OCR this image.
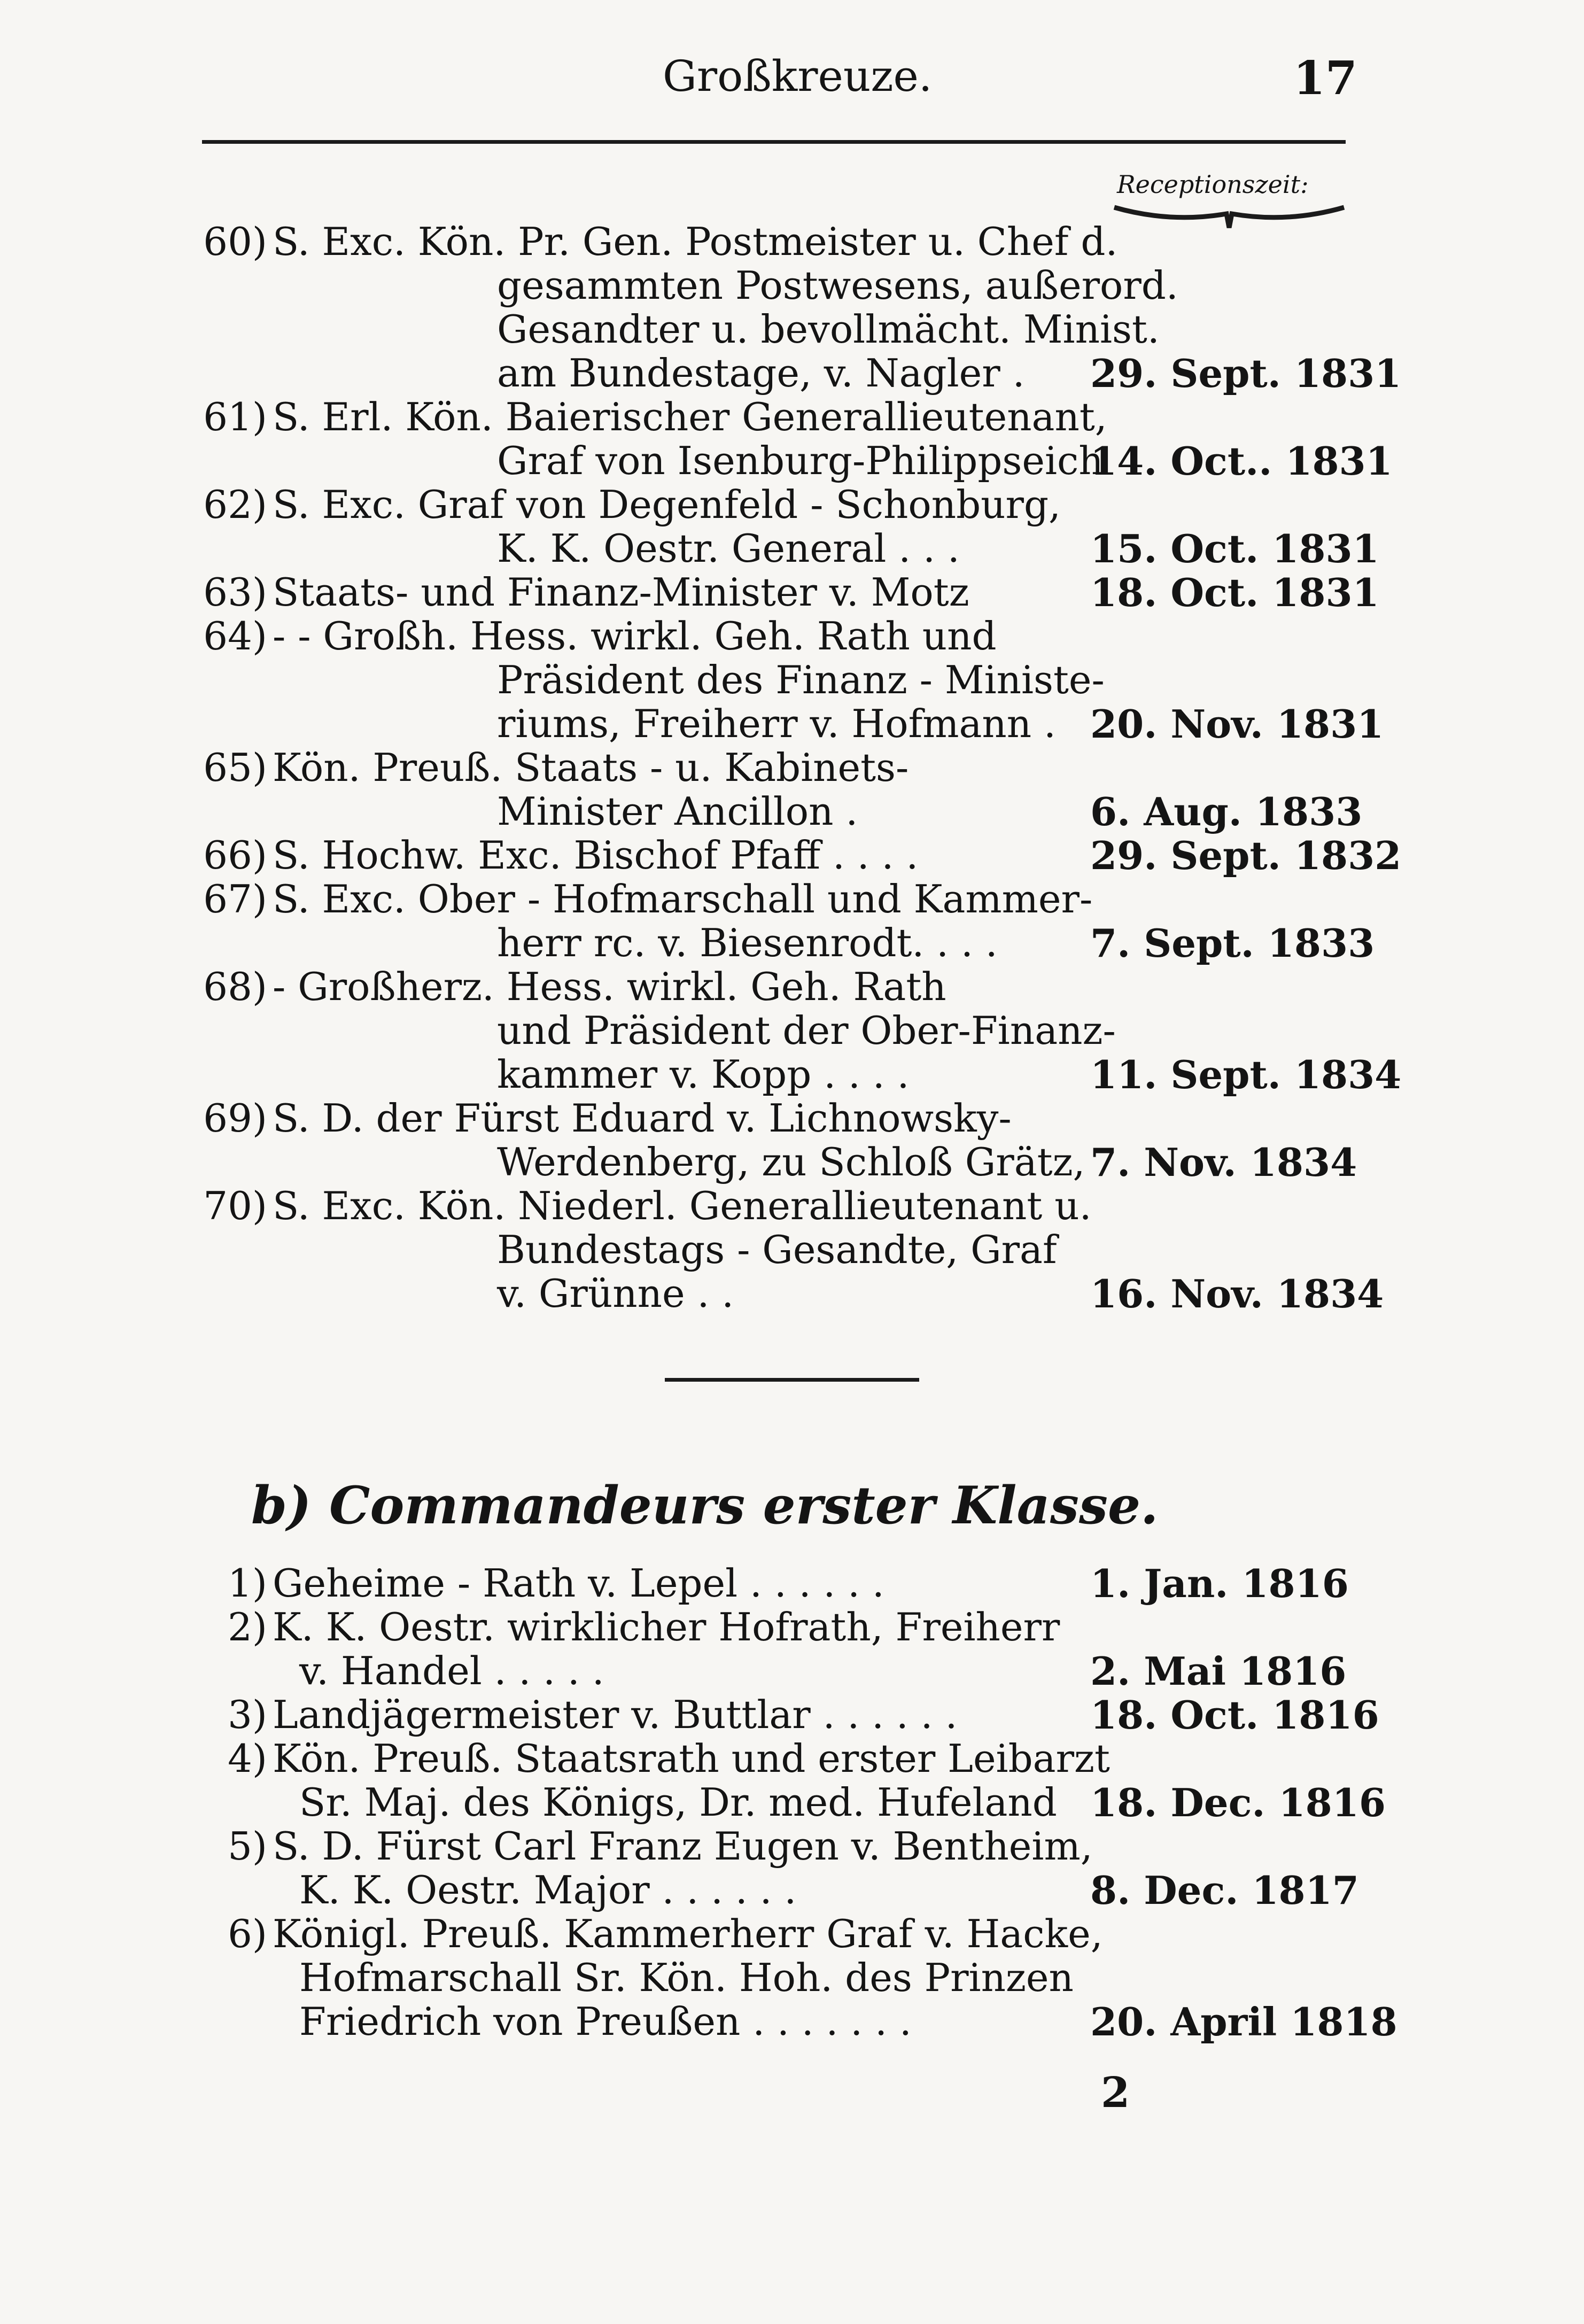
Großkreuze.	17
Receptionszeit:
60) S. Exc. Kön. Pr. Gen. Postmeister u. Chef d.
gesammten Postwesens, außerord.
Gesandter u. bevollmächt. Minist.
am Bundestage, v. Nagler . 29. Sept. 1831
61) S. Erl. Kön. Baierischer Generallieutenant,
Graf von Isenburg-Philippseich
14. Oct.. 1831
62) S. Exc. Graf von Degenfeld - Schonburg,
K. K. Oestr. General . . .	15. Oct. 1831
63) Staats- und Finanz-Minister v. Motz	18. Oct. 1831
64) - - Großh. Hess. wirkl. Geh. Rath und
Präsident des Finanz - Ministe-
riums, Freiherr v. Hofmann . 20. Nov. 1831
65) Kön. Preuß. Staats - u. Kabinets-
Minister Ancillon .	6. Aug. 1833
66) S. Hochw. Exc. Bischof Pfaff . . . .	29. Sept. 1832
67) S. Exc. Ober - Hofmarschall und Kammer-
herr rc. v. Biesenrodt. . . . 7. Sept. 1833
68) - Großherz. Hess. wirkl. Geh. Rath
und Präsident der Ober-Finanz-
kammer v. Kopp . . . .	11. Sept. 1834
69) S. D. der Fürst Eduard v. Lichnowsky-
Werdenberg, zu Schloß Grätz, 7. Nov. 1834
70) S. Exc. Kön. Niederl. Generallieutenant u.
Bundestags - Gesandte, Graf
v. Grünne . .	16. Nov. 1834
b) Commandeurs erster Klasse.
1) Geheime - Rath v. Lepel . . . . . .	1. Jan. 1816
2) K. K. Oestr. wirklicher Hofrath, Freiherr
v. Handel . . . . .	2. Mai 1816
3) Landjägermeister v. Buttlar . . . . . .	18. Oct. 1816
4) Kön. Preuß. Staatsrath und erster Leibarzt
Sr. Maj. des Königs, Dr. med. Hufeland 18. Dec. 1816
5) S. D. Fürst Carl Franz Eugen v. Bentheim,
K. K. Oestr. Major . . . . . .	8. Dec. 1817
6) Königl. Preuß. Kammerherr Graf v. Hacke,
Hofmarschall Sr. Kön. Hoh. des Prinzen
Friedrich von Preußen . . . . . . .	20. April 1818
2
